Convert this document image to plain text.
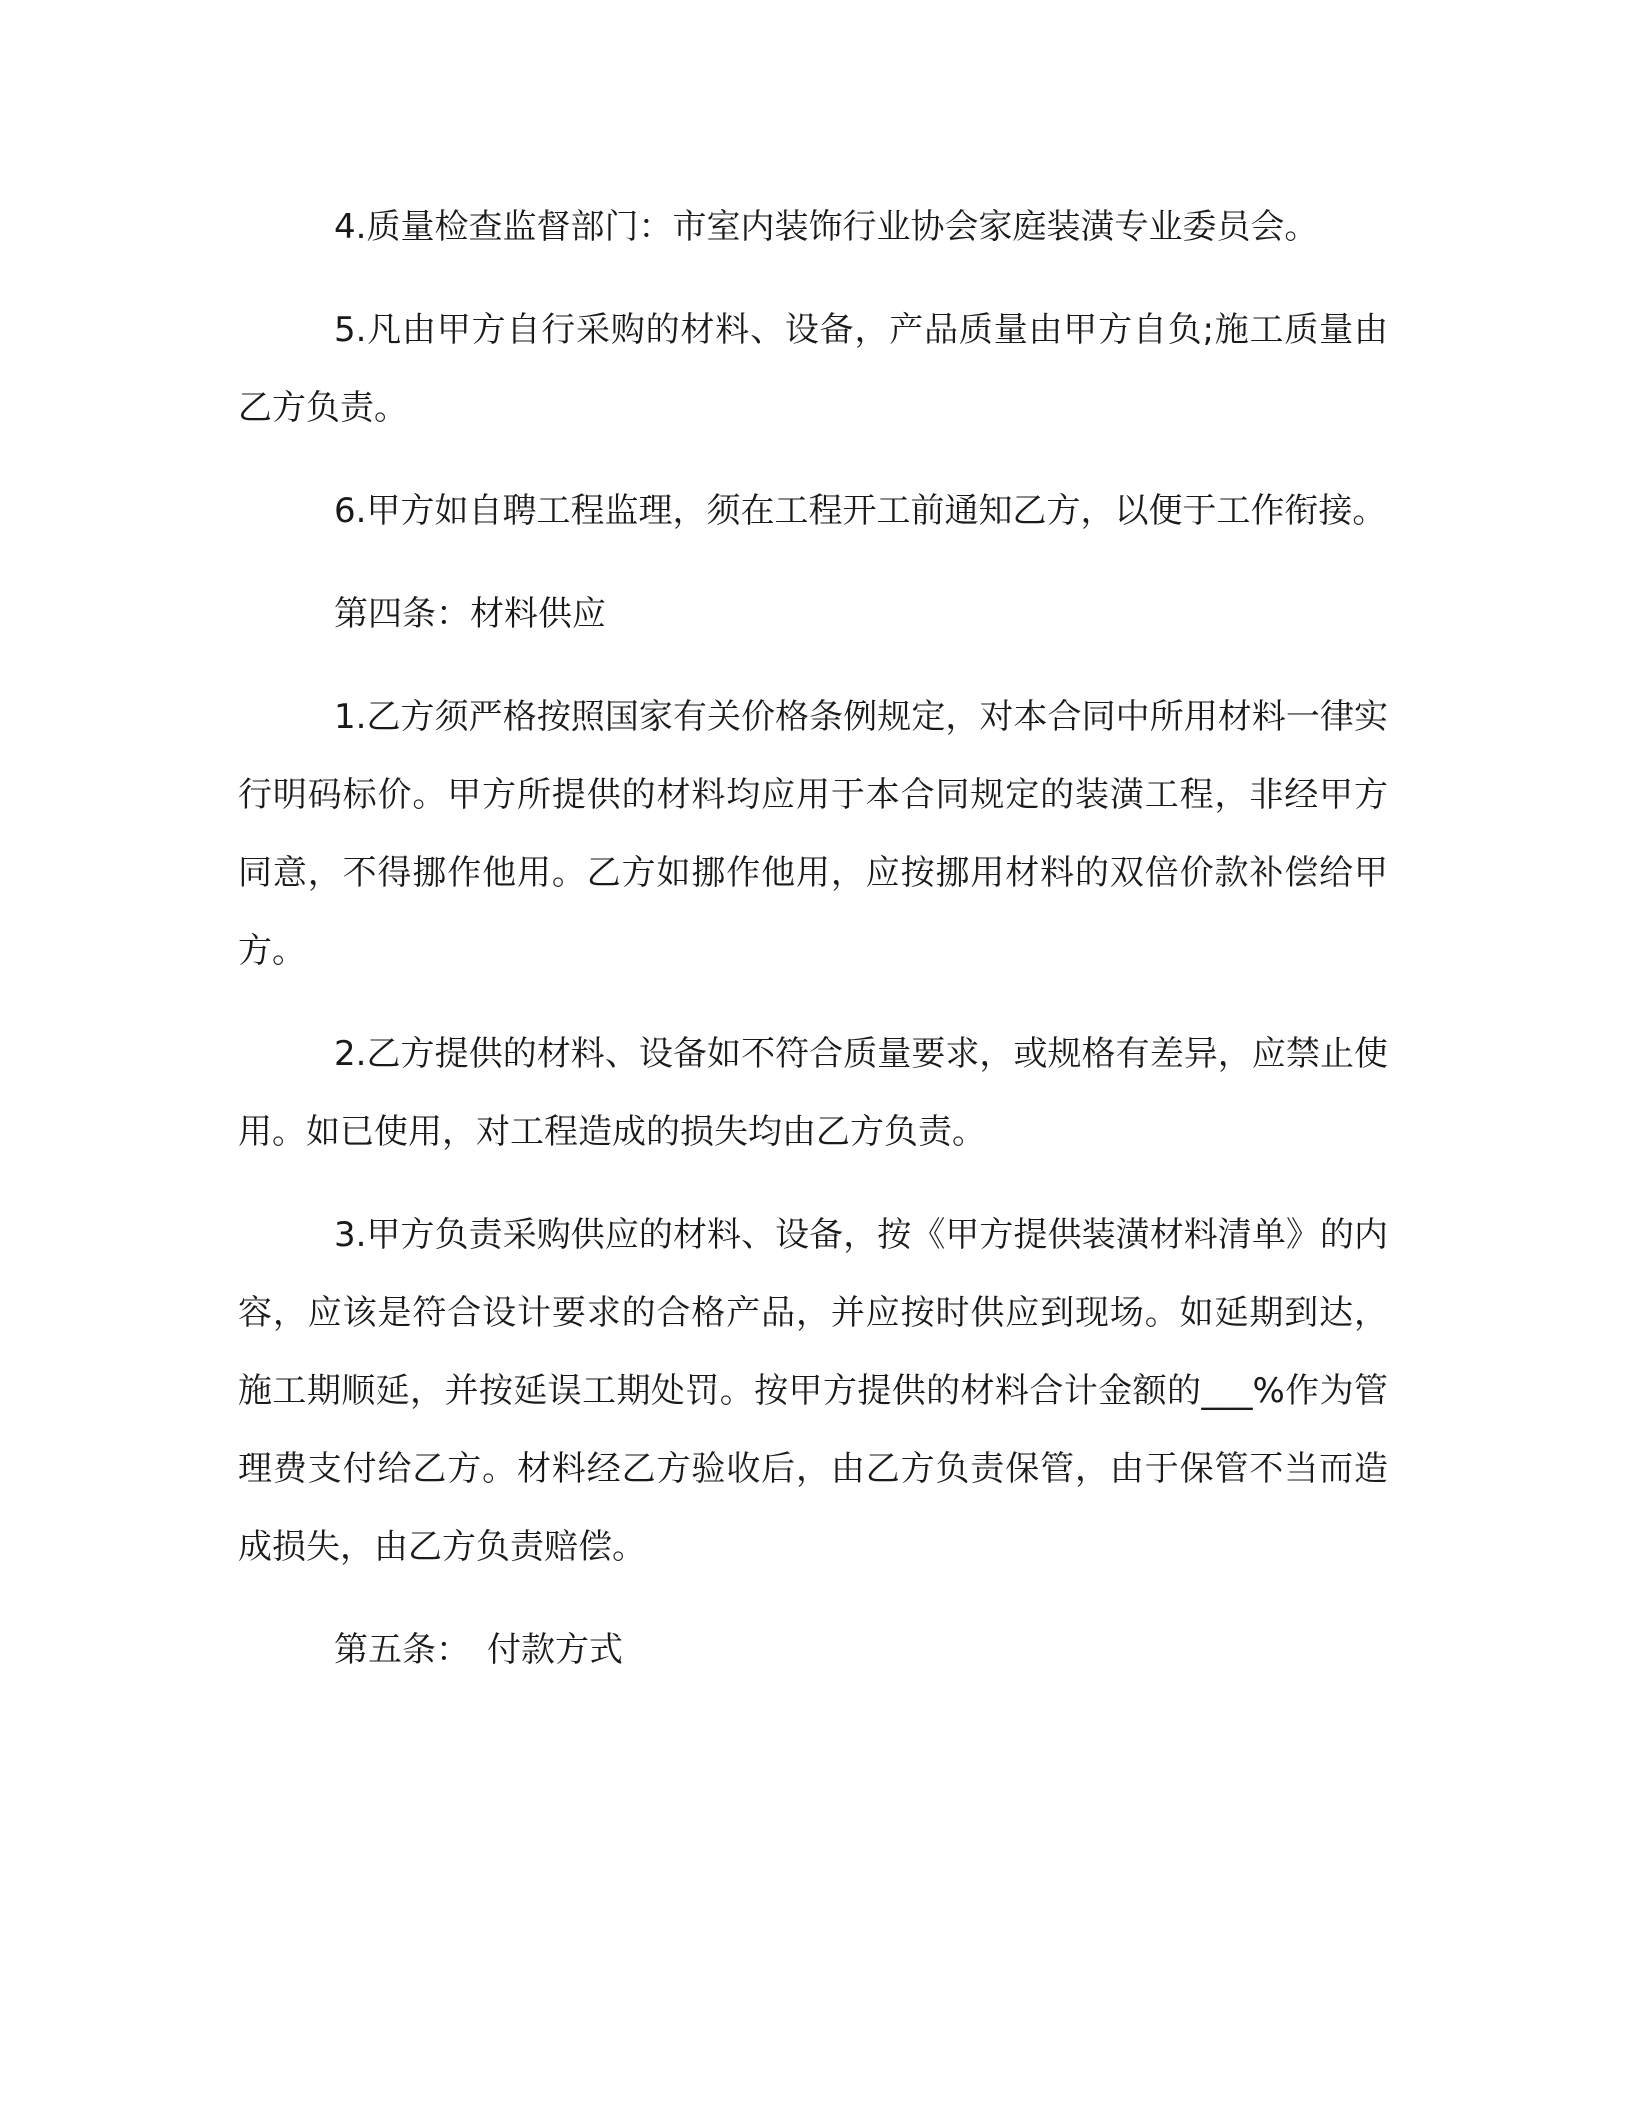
4.质量检查监督部门：市室内装饰行业协会家庭装潢专业委员会。

5.凡由甲方自行采购的材料、设备，产品质量由甲方自负;施工质量由乙方负责。

6.甲方如自聘工程监理，须在工程开工前通知乙方，以便于工作衔接。

第四条：材料供应

1.乙方须严格按照国家有关价格条例规定，对本合同中所用材料一律实行明码标价。甲方所提供的材料均应用于本合同规定的装潢工程，非经甲方同意，不得挪作他用。乙方如挪作他用，应按挪用材料的双倍价款补偿给甲方。

2.乙方提供的材料、设备如不符合质量要求，或规格有差异，应禁止使用。如已使用，对工程造成的损失均由乙方负责。

3.甲方负责采购供应的材料、设备，按《甲方提供装潢材料清单》的内容，应该是符合设计要求的合格产品，并应按时供应到现场。如延期到达，施工期顺延，并按延误工期处罚。按甲方提供的材料合计金额的___%作为管理费支付给乙方。材料经乙方验收后，由乙方负责保管，由于保管不当而造成损失，由乙方负责赔偿。

第五条：　付款方式
